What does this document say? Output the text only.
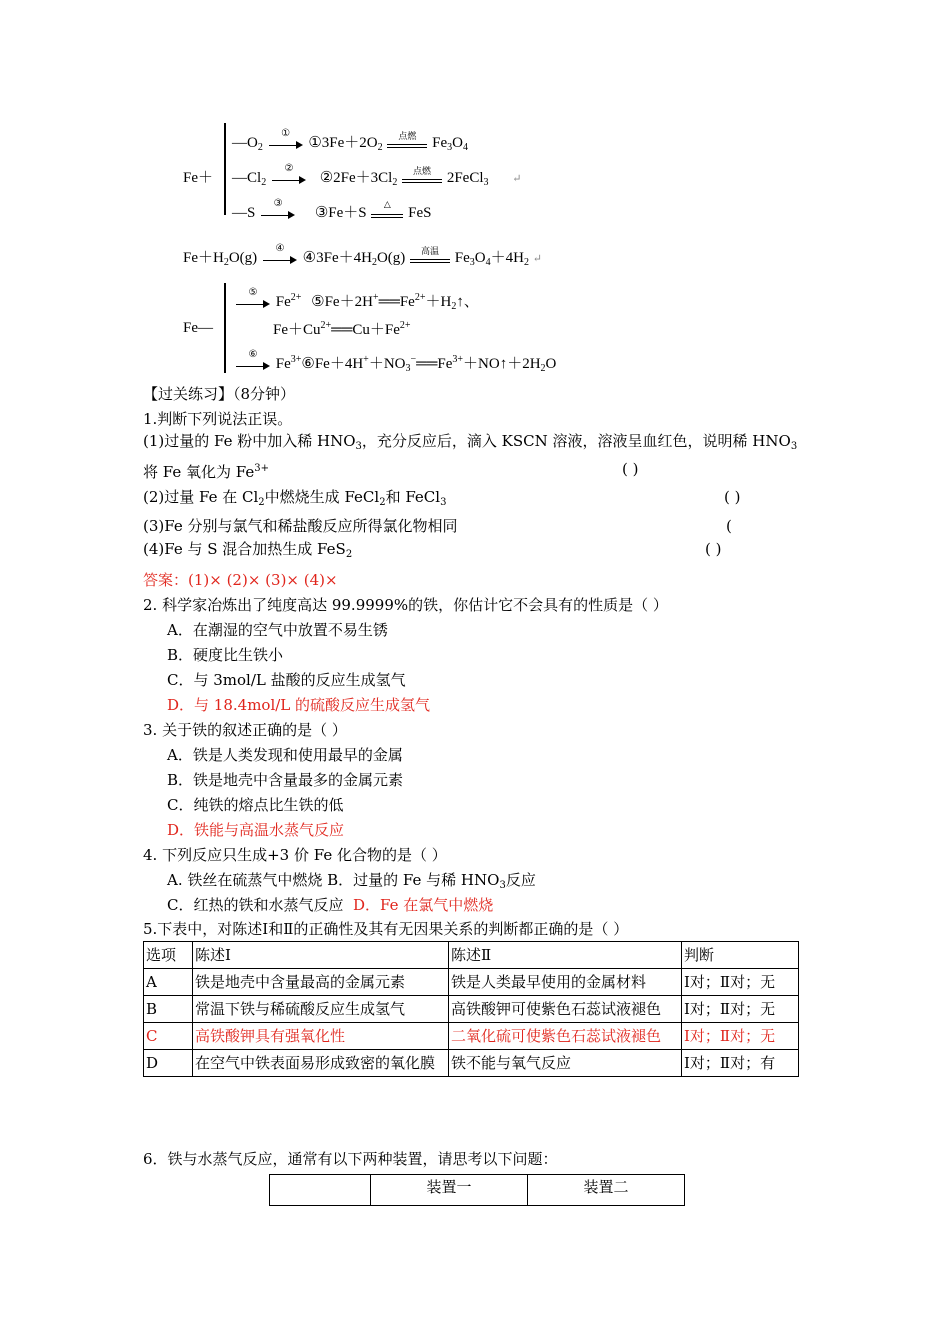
Fe＋
$—O_2$
①
$①3Fe+2O_2$
点燃	$Fe_3O_4$
$—Cl_2$
②
$②2Fe+3Cl_2$
点燃	2FeCl$_3$ ↵
—S
③
③Fe＋S
△
FeS
$Fe+H_2O(g)$
④
$④3Fe+4H_2O(g)$	高温	$Fe_3O_4+4H_2$ ↵
Fe—
⑤
$Fe^{2+}$ $⑤Fe+2H^+══Fe^{2+}+H_2↑$、
$Fe+Cu^{2+}══Cu+Fe^{2+}$
⑥
$Fe^{3+}⑥Fe+4H^++NO_3^-══Fe^{3+}+NO↑+2H_2O$
【过关练习】（8分钟）
1.判断下列说法正误。
(1)过量的 Fe 粉中加入稀 $HNO_3$，充分反应后，滴入 KSCN 溶液，溶液呈血红色，说明稀 $HNO_3$
将 Fe 氧化为 $Fe^{3+}$	( )
(2)过量 Fe 在 $Cl_2$中燃烧生成 FeCl$_2$和 FeCl$_3$	( )
(3)Fe 分别与氯气和稀盐酸反应所得氯化物相同	(
(4)Fe 与 S 混合加热生成 FeS$_2$	( )
答案：(1)× (2)× (3)× (4)×
2. 科学家冶炼出了纯度高达 99.9999%的铁，你估计它不会具有的性质是（ ）
A．在潮湿的空气中放置不易生锈
B．硬度比生铁小
C．与 3mol/L 盐酸的反应生成氢气
D．与 18.4mol/L 的硫酸反应生成氢气
3. 关于铁的叙述正确的是（ ）
A．铁是人类发现和使用最早的金属
B．铁是地壳中含量最多的金属元素
C．纯铁的熔点比生铁的低
D．铁能与高温水蒸气反应
4. 下列反应只生成+3 价 Fe 化合物的是（ ）
A. 铁丝在硫蒸气中燃烧 B．过量的 Fe 与稀 $HNO_3$反应
C．红热的铁和水蒸气反应 D．Fe 在氯气中燃烧
5.下表中，对陈述Ⅰ和Ⅱ的正确性及其有无因果关系的判断都正确的是（ ）
选项	陈述Ⅰ	陈述Ⅱ	判断
A	铁是地壳中含量最高的金属元素	铁是人类最早使用的金属材料	Ⅰ对；Ⅱ对；无
B	常温下铁与稀硫酸反应生成氢气	高铁酸钾可使紫色石蕊试液褪色	Ⅰ对；Ⅱ对；无
C	高铁酸钾具有强氧化性	二氧化硫可使紫色石蕊试液褪色	Ⅰ对；Ⅱ对；无
D	在空气中铁表面易形成致密的氧化膜	铁不能与氧气反应	Ⅰ对；Ⅱ对；有
6．铁与水蒸气反应，通常有以下两种装置，请思考以下问题：
	装置一	装置二
